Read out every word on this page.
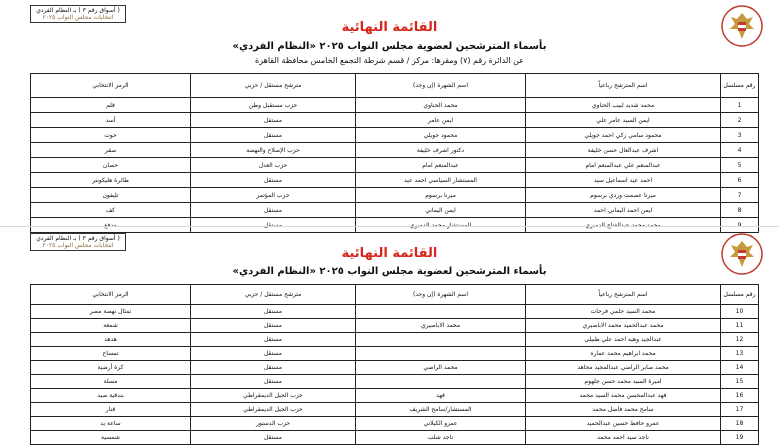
( أسواق رقم ٣ ) بـ النظام الفردي
انتخابات مجلس النواب ٢٠٢٥
القائمة النهائية
بأسماء المترشحين لعضوية مجلس النواب ٢٠٢٥ «النظام الفردي»
عن الدائرة رقم (٧) ومقرها: مركز / قسم شرطة التجمع الخامس محافظة القاهرة
رقم مسلسل	اسم المترشح رباعياً	اسم الشهرة (إن وجد)	مترشح مستقل / حزبي	الرمز الانتخابي
1	محمد شديد لبيب الحناوي	محمد الحناوي	حزب مستقبل وطن	قلم
2	ايمن السيد عامر علي	ايمن عامر	مستقل	أسد
3	محمود سامي زكي احمد جويلي	محمود جويلي	مستقل	حوت
4	اشرف عبدالعال حسن خليفة	دكتور اشرف خليفة	حزب الإصلاح والنهضة	صقر
5	عبدالمنعم علي عبدالمنعم امام	عبدالمنعم امام	حزب العدل	حصان
6	احمد عيد اسماعيل سيد	المستشار السياسي احمد عيد	مستقل	طائرة هليكوبتر
7	ميرنا عصمت وردي برسوم	ميرنا برسوم	حزب المؤتمر	تليفون
8	ايمن احمد اليماني احمد	ايمن اليماني	مستقل	كف
9	محمد محمد عبدالفتاح الدميري	المستشار محمد الدميري	مستقل	مدفع
( أسواق رقم ٣ ) بـ النظام الفردي
انتخابات مجلس النواب ٢٠٢٥
القائمة النهائية
بأسماء المترشحين لعضوية مجلس النواب ٢٠٢٥ «النظام الفردي»
رقم مسلسل	اسم المترشح رباعياً	اسم الشهرة (إن وجد)	مترشح مستقل / حزبي	الرمز الانتخابي
10	محمد السيد حلمي فرحات		مستقل	تمثال نهضة مصر
11	محمد عبدالحميد محمد الاباصيري	محمد الاباصيري	مستقل	شمعة
12	عبدالجيد وهيه احمد علي طبيلي		مستقل	هدهد
13	محمد ابراهيم محمد عماره		مستقل	تمساح
14	محمد صابر الراضي عبدالمجيد مجاهد	محمد الراضي	مستقل	كرة أرضية
15	اميرة السيد محمد حسن جلهوم		مستقل	مسلة
16	فهد عبدالمحسن محمد السيد محمد	فهد	حزب الجيل الديمقراطي	بندقية صيد
17	سامح محمد فاضل محمد	المستشار/سامح الشريف	حزب الجيل الديمقراطي	قنار
18	عمرو حافظ حسين عبدالحميد	عمرو الكيلاني	حزب الدستور	ساعة يد
19	ناجد سيد احمد محمد	ناجد شلب	مستقل	شمسية
